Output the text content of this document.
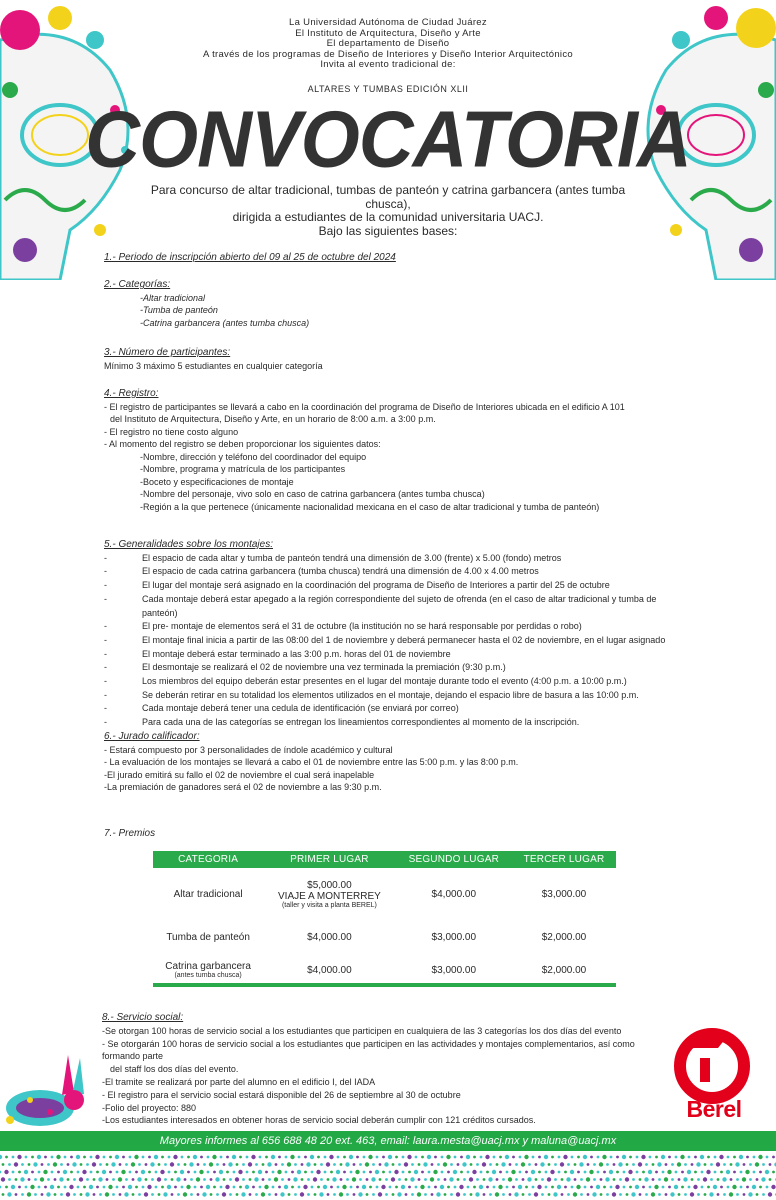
La Universidad Autónoma de Ciudad Juárez
El Instituto de Arquitectura, Diseño y Arte
El departamento de Diseño
A través de los programas de Diseño de Interiores y Diseño Interior Arquitectónico
Invita al evento tradicional de:
ALTARES Y TUMBAS EDICIÓN XLII
CONVOCATORIA
Para concurso de altar tradicional, tumbas de panteón y catrina garbancera (antes tumba chusca),
dirigida a estudiantes de la comunidad universitaria UACJ.
Bajo las siguientes bases:
1.- Periodo de inscripción abierto del 09 al 25 de octubre del 2024
2.- Categorías:
-Altar tradicional
-Tumba de panteón
-Catrina garbancera (antes tumba chusca)
3.- Número de participantes:
Mínimo 3 máximo 5 estudiantes en cualquier categoría
4.- Registro:
- El registro de participantes se llevará a cabo en la coordinación del programa de Diseño de Interiores ubicada en el edificio A 101
del Instituto de Arquitectura, Diseño y Arte, en un horario de 8:00 a.m. a 3:00 p.m.
- El registro no tiene costo alguno
- Al momento del registro se deben proporcionar los siguientes datos:
-Nombre, dirección y teléfono del coordinador del equipo
-Nombre, programa y matrícula de los participantes
-Boceto y especificaciones de montaje
-Nombre del personaje, vivo solo en caso de catrina garbancera (antes tumba chusca)
-Región a la que pertenece (únicamente nacionalidad mexicana en el caso de altar tradicional y tumba de panteón)
5.- Generalidades sobre los montajes:
-	El espacio de cada altar y tumba de panteón tendrá una dimensión de 3.00 (frente) x 5.00 (fondo) metros
-	El espacio de cada catrina garbancera (tumba chusca) tendrá una dimensión de 4.00 x 4.00 metros
-	El lugar del montaje será asignado en la coordinación del programa de Diseño de Interiores a partir del 25 de octubre
-	Cada montaje deberá estar apegado a la región correspondiente del sujeto de ofrenda (en el caso de altar tradicional y tumba de panteón)
-	El pre- montaje de elementos será el 31 de octubre (la institución no se hará responsable por perdidas o robo)
-	El montaje final inicia a partir de las 08:00 del 1 de noviembre y deberá permanecer hasta el 02 de noviembre, en el lugar asignado
-	El montaje deberá estar terminado a las 3:00 p.m. horas del 01 de noviembre
-	El desmontaje se realizará el 02 de noviembre una vez terminada la premiación (9:30 p.m.)
-	Los miembros del equipo deberán estar presentes en el lugar del montaje durante todo el evento (4:00 p.m. a 10:00 p.m.)
-	Se deberán retirar en su totalidad los elementos utilizados en el montaje, dejando el espacio libre de basura a las 10:00 p.m.
-	Cada montaje deberá tener una cedula de identificación (se enviará por correo)
-	Para cada una de las categorías se entregan los lineamientos correspondientes al momento de la inscripción.
6.- Jurado calificador:
- Estará compuesto por 3 personalidades de índole académico y cultural
- La evaluación de los montajes se llevará a cabo el 01 de noviembre entre las 5:00 p.m. y las 8:00 p.m.
-El jurado emitirá su fallo el 02 de noviembre el cual será inapelable
-La premiación de ganadores será el 02 de noviembre a las 9:30 p.m.
7.- Premios
CATEGORIA	PRIMER LUGAR	SEGUNDO LUGAR	TERCER LUGAR
Altar tradicional	$5,000.00
VIAJE A MONTERREY
(taller y visita a planta BEREL)	$4,000.00	$3,000.00
Tumba de panteón	$4,000.00	$3,000.00	$2,000.00

Catrina garbancera
(antes tumba chusca)	$4,000.00	$3,000.00	$2,000.00
8.- Servicio social:
-Se otorgan 100 horas de servicio social a los estudiantes que participen en cualquiera de las 3 categorías los dos días del evento
- Se otorgarán 100 horas de servicio social a los estudiantes que participen en las actividades y montajes complementarios, así como formando parte
del staff los dos días del evento.
-El tramite se realizará por parte del alumno en el edificio I, del IADA
- El registro para el servicio social estará disponible del 26 de septiembre al 30 de octubre
-Folio del proyecto: 880
-Los estudiantes interesados en obtener horas de servicio social deberán cumplir con 121 créditos cursados.	Berel
Mayores informes al 656 688 48 20 ext. 463, email: laura.mesta@uacj.mx y maluna@uacj.mx
